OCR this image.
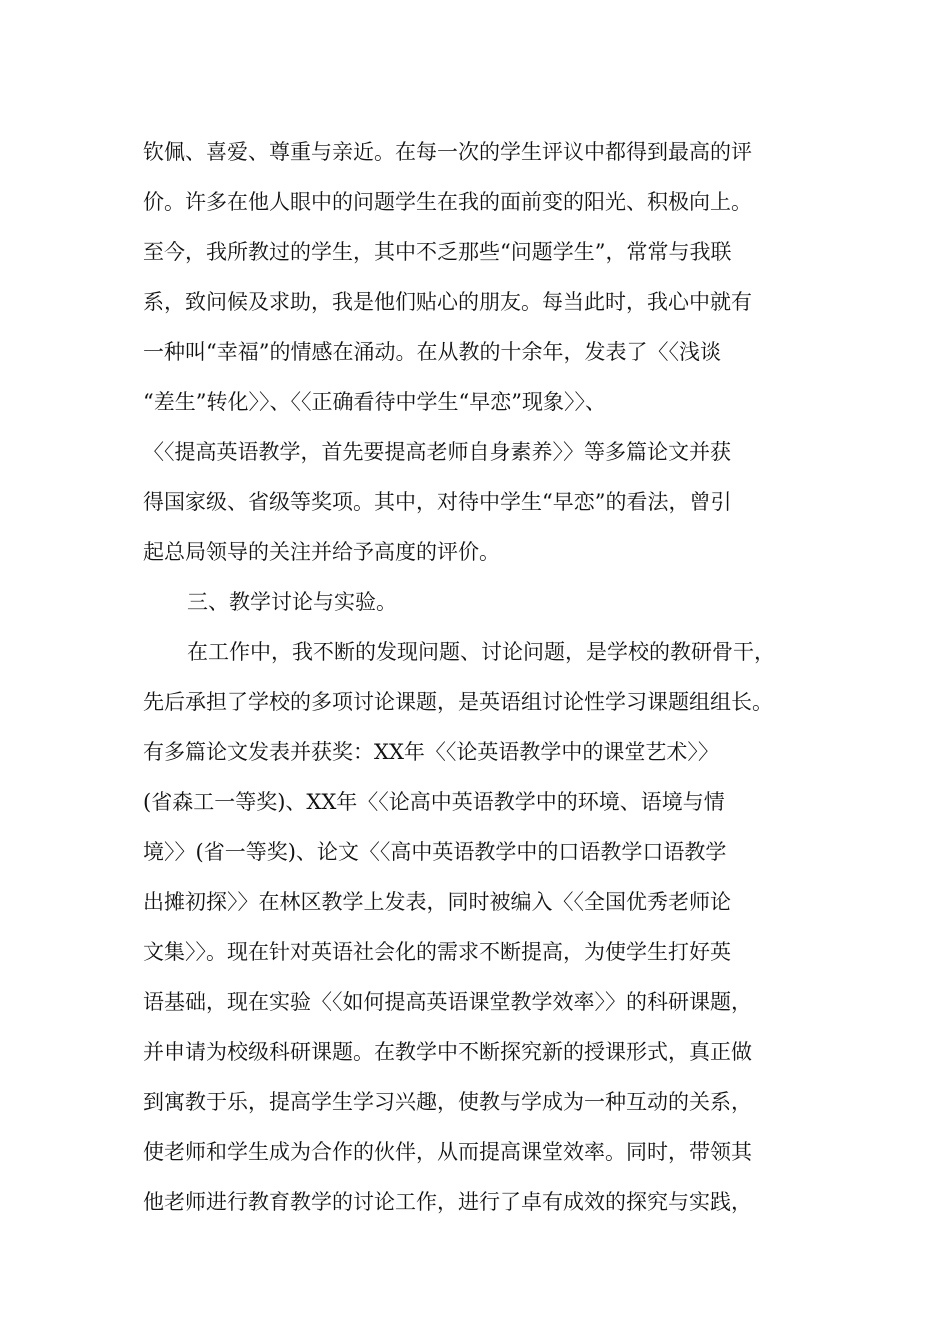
钦佩、喜爱、尊重与亲近。在每一次的学生评议中都得到最高的评
价。许多在他人眼中的问题学生在我的面前变的阳光、积极向上。
至今，我所教过的学生，其中不乏那些“问题学生”，常常与我联
系，致问候及求助，我是他们贴心的朋友。每当此时，我心中就有
一种叫“幸福”的情感在涌动。在从教的十余年，发表了〈〈浅谈
“差生”转化〉〉、〈〈正确看待中学生“早恋”现象〉〉、
〈〈提高英语教学，首先要提高老师自身素养〉〉等多篇论文并获
得国家级、省级等奖项。其中，对待中学生“早恋”的看法，曾引
起总局领导的关注并给予高度的评价。
三、教学讨论与实验。
在工作中，我不断的发现问题、讨论问题，是学校的教研骨干，
先后承担了学校的多项讨论课题，是英语组讨论性学习课题组组长。
有多篇论文发表并获奖：XX年〈〈论英语教学中的课堂艺术〉〉
(省森工一等奖)、XX年〈〈论高中英语教学中的环境、语境与情
境〉〉(省一等奖)、论文〈〈高中英语教学中的口语教学口语教学
出摊初探〉〉在林区教学上发表，同时被编入〈〈全国优秀老师论
文集〉〉。现在针对英语社会化的需求不断提高，为使学生打好英
语基础，现在实验〈〈如何提高英语课堂教学效率〉〉的科研课题，
并申请为校级科研课题。在教学中不断探究新的授课形式，真正做
到寓教于乐，提高学生学习兴趣，使教与学成为一种互动的关系，
使老师和学生成为合作的伙伴，从而提高课堂效率。同时，带领其
他老师进行教育教学的讨论工作，进行了卓有成效的探究与实践，
